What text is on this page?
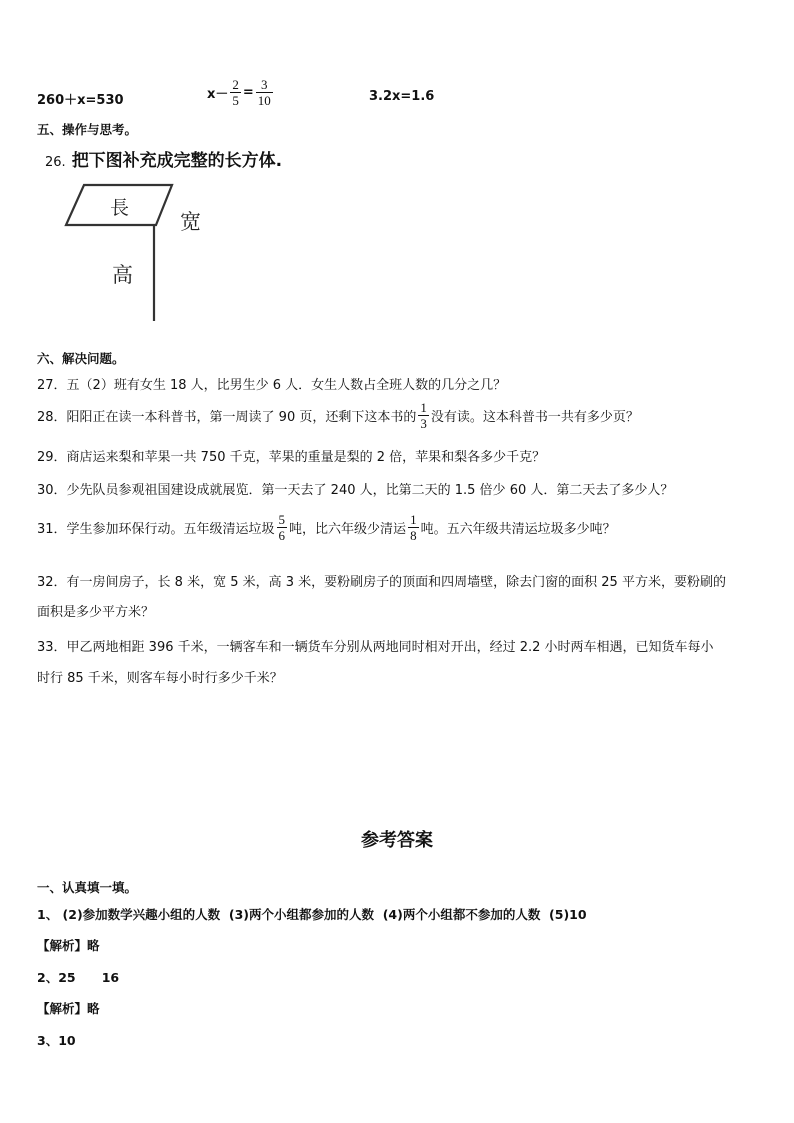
260＋x=530	$x- \frac{2}{5} = \frac{3}{10}$	3.2x=1.6
五、操作与思考。
26. 把下图补充成完整的长方体.
長
宽
高
六、解决问题。
27．五（2）班有女生 18 人，比男生少 6 人．女生人数占全班人数的几分之几？
28．阳阳正在读一本科普书，第一周读了 90 页，还剩下这本书的 $\frac{1}{3}$ 没有读。这本科普书一共有多少页？
29．商店运来梨和苹果一共 750 千克，苹果的重量是梨的 2 倍，苹果和梨各多少千克？
30．少先队员参观祖国建设成就展览．第一天去了 240 人，比第二天的 1.5 倍少 60 人．第二天去了多少人？
31．学生参加环保行动。五年级清运垃圾 $\frac{5}{6}$ 吨，比六年级少清运 $\frac{1}{8}$ 吨。五六年级共清运垃圾多少吨？
32．有一房间房子，长 8 米，宽 5 米，高 3 米，要粉刷房子的顶面和四周墙壁，除去门窗的面积 25 平方米，要粉刷的
面积是多少平方米？
33．甲乙两地相距 396 千米，一辆客车和一辆货车分别从两地同时相对开出，经过 2.2 小时两车相遇，已知货车每小
时行 85 千米，则客车每小时行多少千米？
参考答案
一、认真填一填。
1、 (2)参加数学兴趣小组的人数  (3)两个小组都参加的人数  (4)两个小组都不参加的人数  (5)10
【解析】略
2、25      16
【解析】略
3、10
